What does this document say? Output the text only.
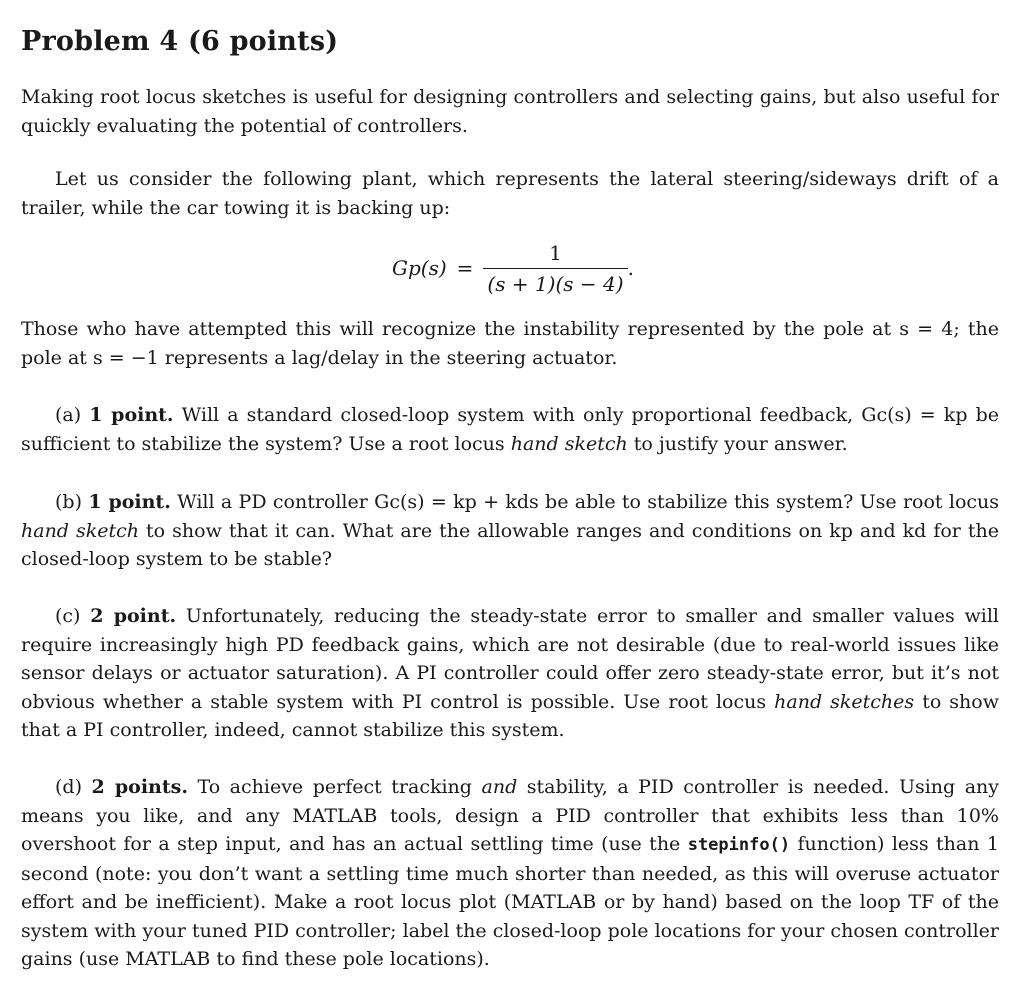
Problem 4 (6 points)
Making root locus sketches is useful for designing controllers and selecting gains, but also useful for quickly evaluating the potential of controllers.
Let us consider the following plant, which represents the lateral steering/sideways drift of a trailer, while the car towing it is backing up:
$Gp(s) = \frac{1}{(s + 1)(s - 4)}$ .
Those who have attempted this will recognize the instability represented by the pole at s = 4; the pole at s = −1 represents a lag/delay in the steering actuator.
(a) 1 point. Will a standard closed-loop system with only proportional feedback, Gc(s) = kp be sufficient to stabilize the system? Use a root locus hand sketch to justify your answer.
(b) 1 point. Will a PD controller Gc(s) = kp + kds be able to stabilize this system? Use root locus hand sketch to show that it can. What are the allowable ranges and conditions on kp and kd for the closed-loop system to be stable?
(c) 2 point. Unfortunately, reducing the steady-state error to smaller and smaller values will require increasingly high PD feedback gains, which are not desirable (due to real-world issues like sensor delays or actuator saturation). A PI controller could offer zero steady-state error, but it’s not obvious whether a stable system with PI control is possible. Use root locus hand sketches to show that a PI controller, indeed, cannot stabilize this system.
(d) 2 points. To achieve perfect tracking and stability, a PID controller is needed. Using any means you like, and any MATLAB tools, design a PID controller that exhibits less than 10% overshoot for a step input, and has an actual settling time (use the stepinfo() function) less than 1 second (note: you don’t want a settling time much shorter than needed, as this will overuse actuator effort and be inefficient). Make a root locus plot (MATLAB or by hand) based on the loop TF of the system with your tuned PID controller; label the closed-loop pole locations for your chosen controller gains (use MATLAB to find these pole locations).
